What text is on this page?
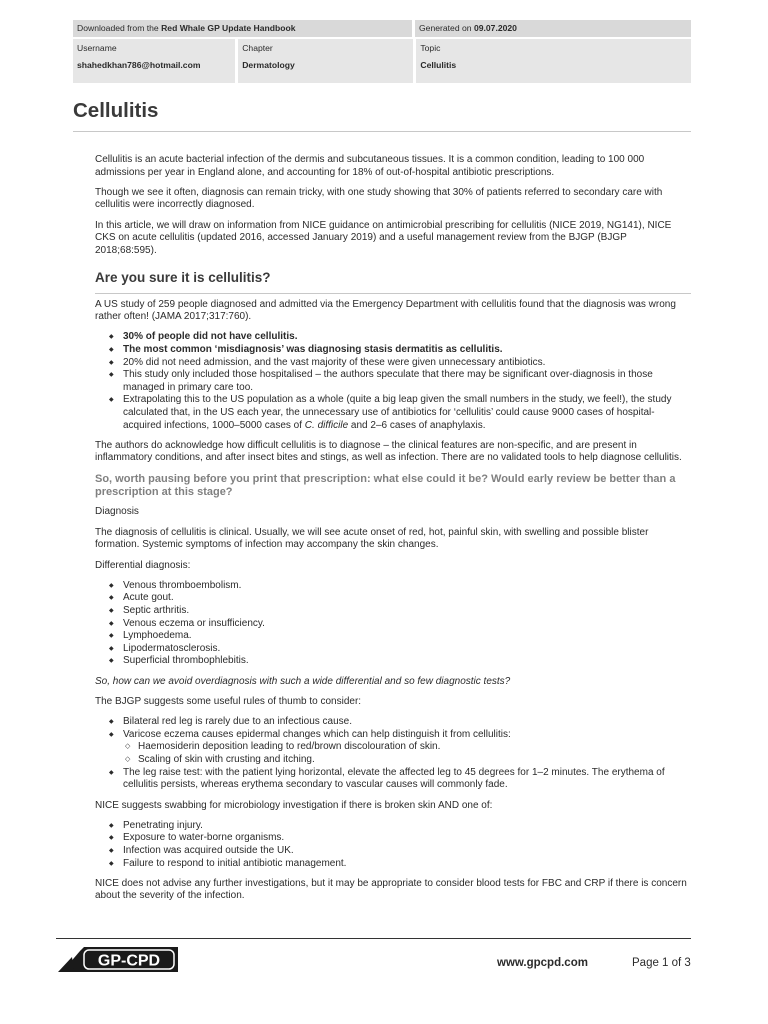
Downloaded from the Red Whale GP Update Handbook	Generated on 09.07.2020
Username
shahedkhan786@hotmail.com
Chapter
Dermatology
Topic
Cellulitis
Cellulitis

Cellulitis is an acute bacterial infection of the dermis and subcutaneous tissues. It is a common condition, leading to 100 000 admissions per year in England alone, and accounting for 18% of out-of-hospital antibiotic prescriptions.

Though we see it often, diagnosis can remain tricky, with one study showing that 30% of patients referred to secondary care with cellulitis were incorrectly diagnosed.

In this article, we will draw on information from NICE guidance on antimicrobial prescribing for cellulitis (NICE 2019, NG141), NICE CKS on acute cellulitis (updated 2016, accessed January 2019) and a useful management review from the BJGP (BJGP 2018;68:595).

Are you sure it is cellulitis?

A US study of 259 people diagnosed and admitted via the Emergency Department with cellulitis found that the diagnosis was wrong rather often! (JAMA 2017;317:760).

◆ 30% of people did not have cellulitis.
◆ The most common ‘misdiagnosis’ was diagnosing stasis dermatitis as cellulitis.
◆ 20% did not need admission, and the vast majority of these were given unnecessary antibiotics.
◆ This study only included those hospitalised – the authors speculate that there may be significant over-diagnosis in those managed in primary care too.
◆ Extrapolating this to the US population as a whole (quite a big leap given the small numbers in the study, we feel!), the study calculated that, in the US each year, the unnecessary use of antibiotics for ‘cellulitis’ could cause 9000 cases of hospital-acquired infections, 1000–5000 cases of C. difficile and 2–6 cases of anaphylaxis.

The authors do acknowledge how difficult cellulitis is to diagnose – the clinical features are non-specific, and are present in inflammatory conditions, and after insect bites and stings, as well as infection. There are no validated tools to help diagnose cellulitis.

So, worth pausing before you print that prescription: what else could it be? Would early review be better than a prescription at this stage?

Diagnosis

The diagnosis of cellulitis is clinical. Usually, we will see acute onset of red, hot, painful skin, with swelling and possible blister formation. Systemic symptoms of infection may accompany the skin changes.

Differential diagnosis:

◆ Venous thromboembolism.
◆ Acute gout.
◆ Septic arthritis.
◆ Venous eczema or insufficiency.
◆ Lymphoedema.
◆ Lipodermatosclerosis.
◆ Superficial thrombophlebitis.

So, how can we avoid overdiagnosis with such a wide differential and so few diagnostic tests?

The BJGP suggests some useful rules of thumb to consider:

◆ Bilateral red leg is rarely due to an infectious cause.
◆ Varicose eczema causes epidermal changes which can help distinguish it from cellulitis:
◇ Haemosiderin deposition leading to red/brown discolouration of skin.
◇ Scaling of skin with crusting and itching.
◆ The leg raise test: with the patient lying horizontal, elevate the affected leg to 45 degrees for 1–2 minutes. The erythema of cellulitis persists, whereas erythema secondary to vascular causes will commonly fade.

NICE suggests swabbing for microbiology investigation if there is broken skin AND one of:

◆ Penetrating injury.
◆ Exposure to water-borne organisms.
◆ Infection was acquired outside the UK.
◆ Failure to respond to initial antibiotic management.

NICE does not advise any further investigations, but it may be appropriate to consider blood tests for FBC and CRP if there is concern about the severity of the infection.

GP-CPD	www.gpcpd.com	Page 1 of 3
